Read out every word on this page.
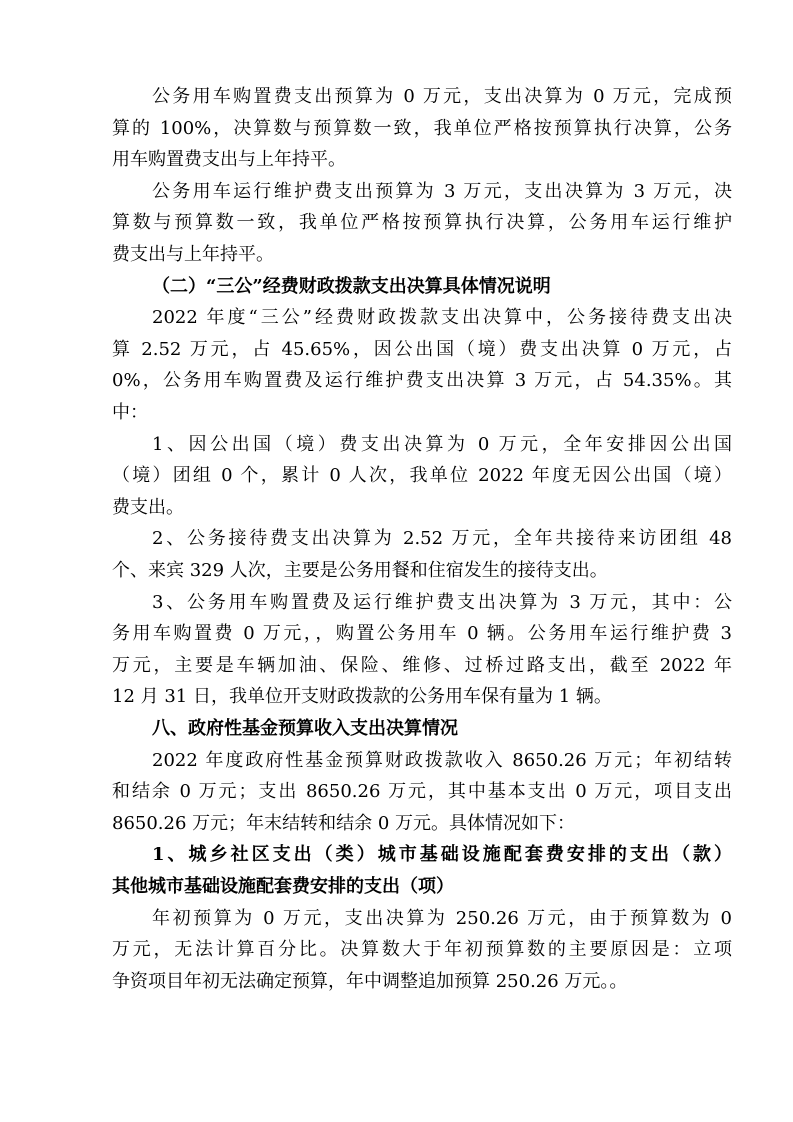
公务用车购置费支出预算为 0 万元，支出决算为 0 万元，完成预
算的 100%，决算数与预算数一致，我单位严格按预算执行决算，公务
用车购置费支出与上年持平。
公务用车运行维护费支出预算为 3 万元，支出决算为 3 万元，决
算数与预算数一致，我单位严格按预算执行决算，公务用车运行维护
费支出与上年持平。
（二）“三公”经费财政拨款支出决算具体情况说明
2022 年度“三公”经费财政拨款支出决算中，公务接待费支出决
算 2.52 万元，占 45.65%，因公出国（境）费支出决算 0 万元，占
0%，公务用车购置费及运行维护费支出决算 3 万元，占 54.35%。其
中：
1、因公出国（境）费支出决算为 0 万元，全年安排因公出国
（境）团组 0 个，累计 0 人次，我单位 2022 年度无因公出国（境）
费支出。
2、公务接待费支出决算为 2.52 万元，全年共接待来访团组 48
个、来宾 329 人次，主要是公务用餐和住宿发生的接待支出。
3、公务用车购置费及运行维护费支出决算为 3 万元，其中：公
务用车购置费 0 万元，，购置公务用车 0 辆。公务用车运行维护费 3
万元，主要是车辆加油、保险、维修、过桥过路支出，截至 2022 年
12 月 31 日，我单位开支财政拨款的公务用车保有量为 1 辆。
八、政府性基金预算收入支出决算情况
2022 年度政府性基金预算财政拨款收入 8650.26 万元；年初结转
和结余 0 万元；支出 8650.26 万元，其中基本支出 0 万元，项目支出
8650.26 万元；年末结转和结余 0 万元。具体情况如下：
1、城乡社区支出（类）城市基础设施配套费安排的支出（款）
其他城市基础设施配套费安排的支出（项）
年初预算为 0 万元，支出决算为 250.26 万元，由于预算数为 0
万元，无法计算百分比。决算数大于年初预算数的主要原因是：立项
争资项目年初无法确定预算，年中调整追加预算 250.26 万元。。
